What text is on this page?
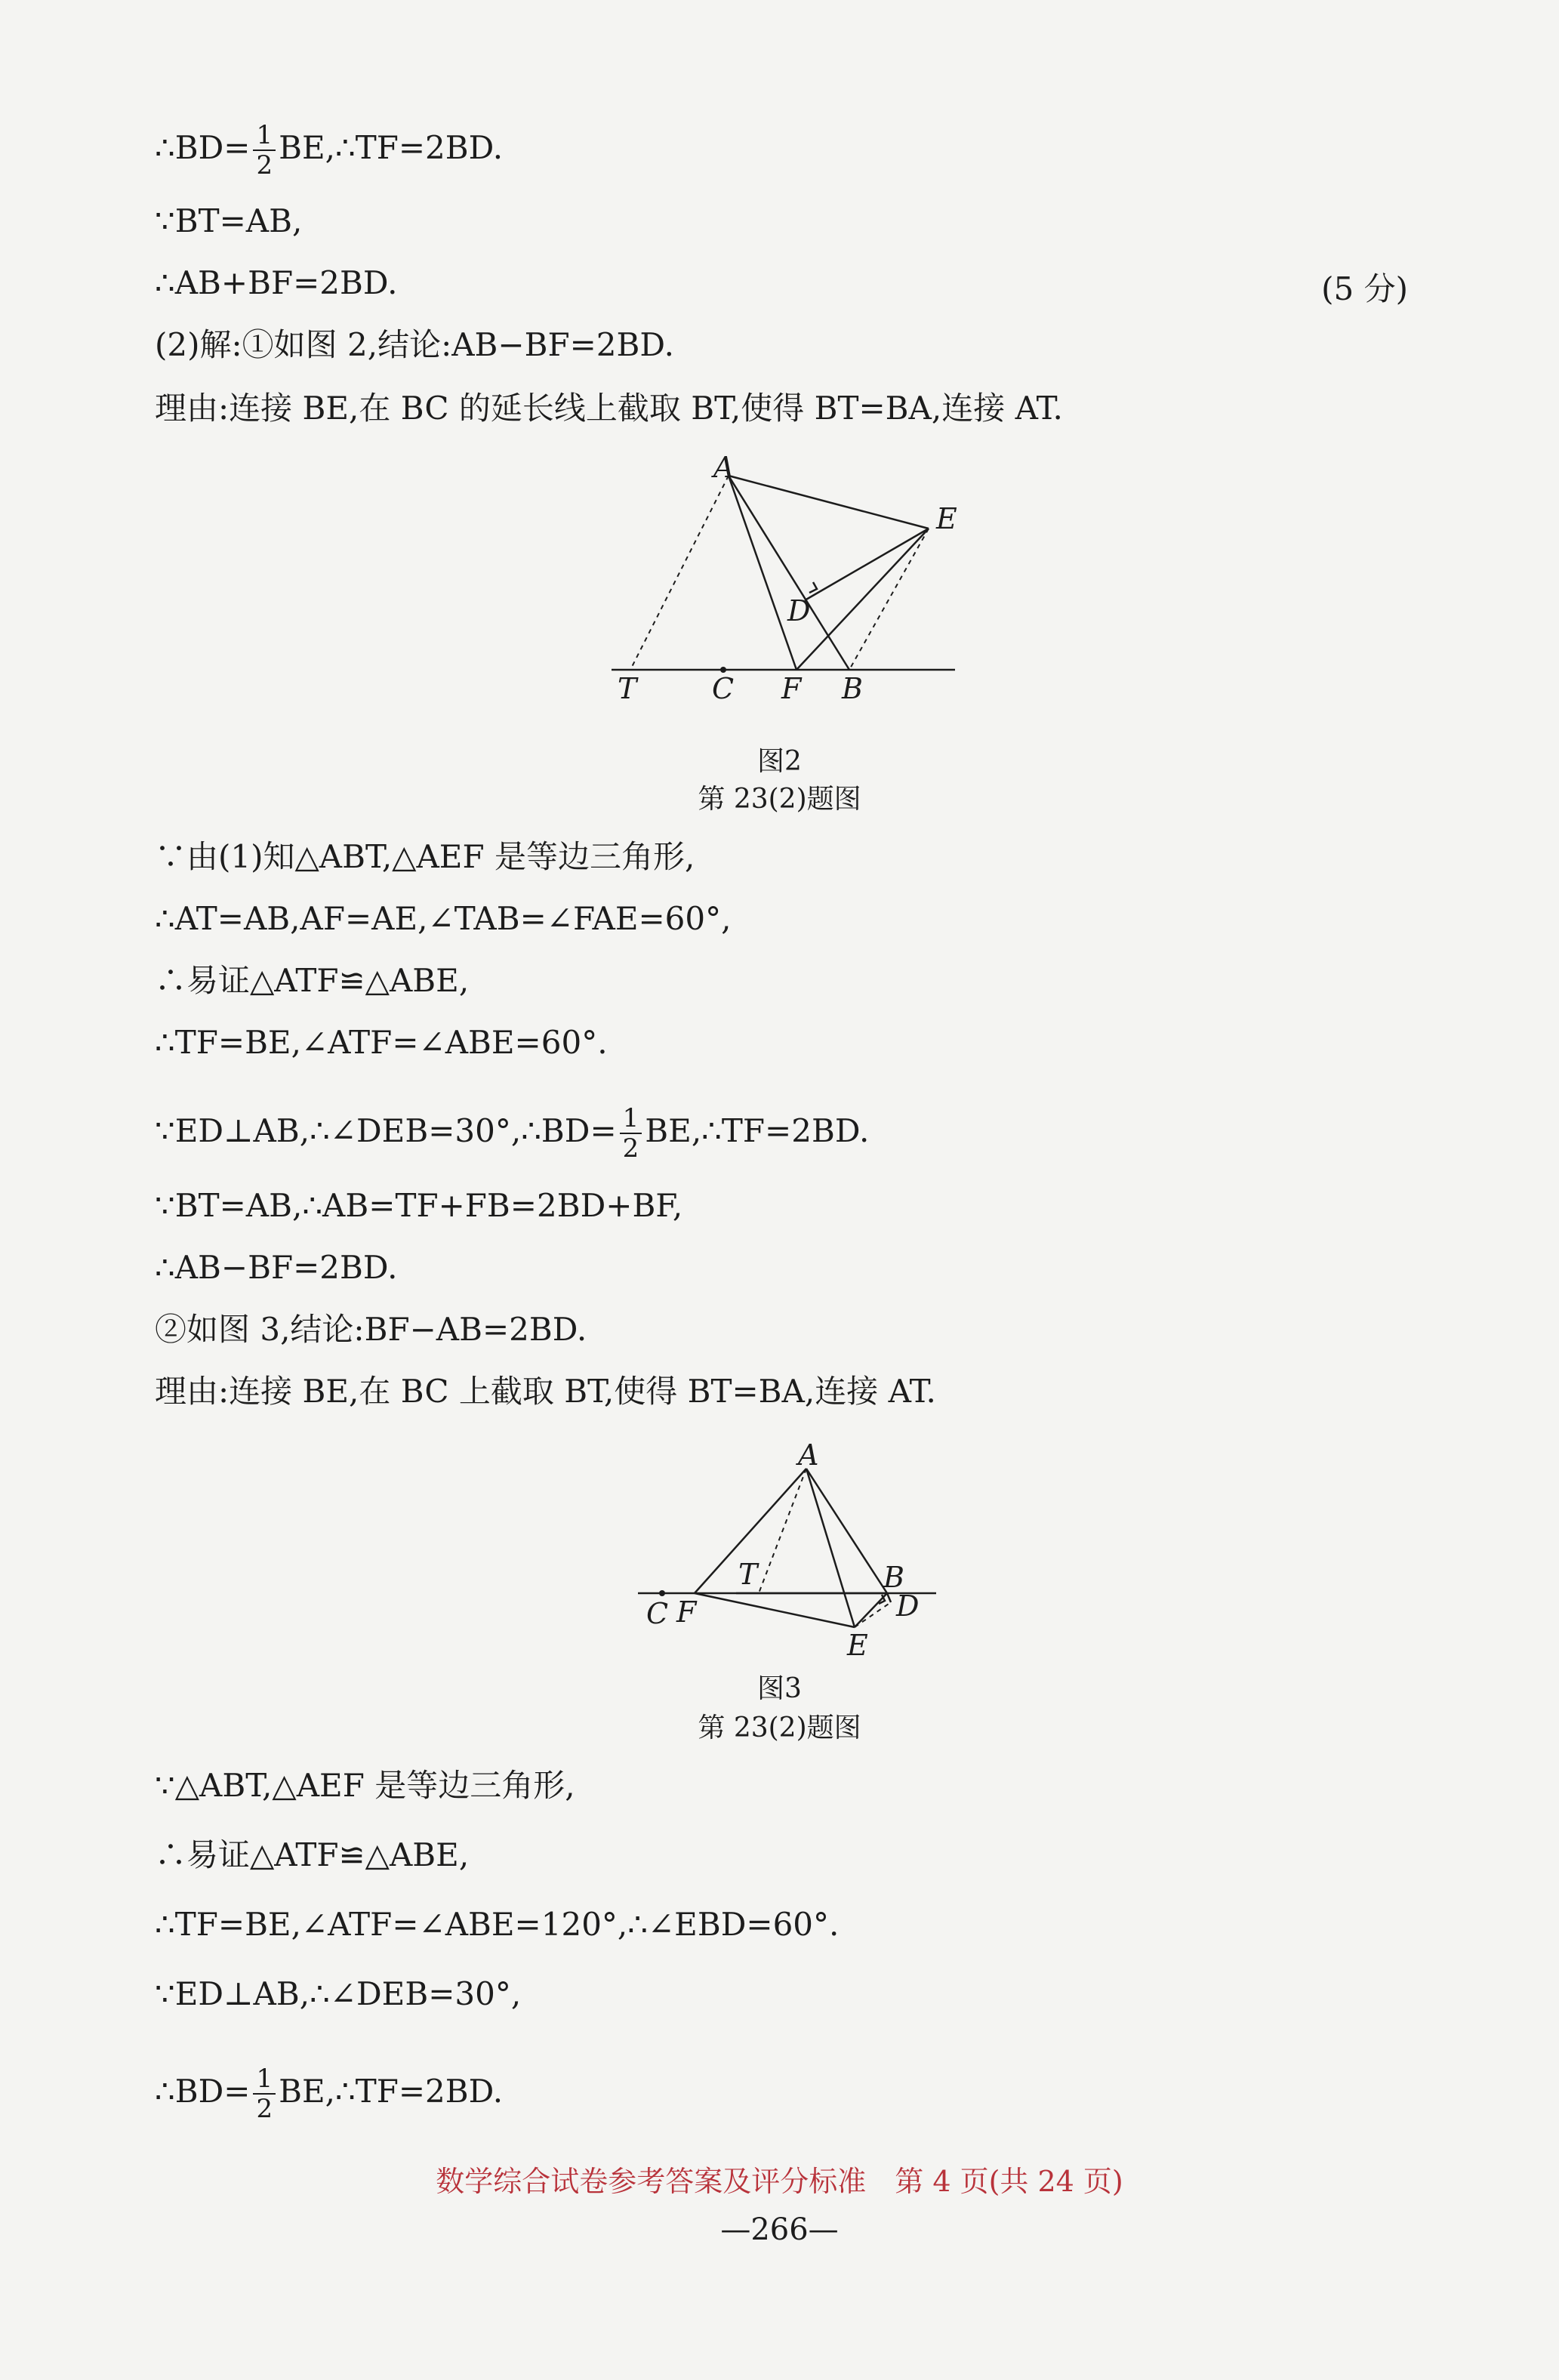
∴BD= $\frac{1}{2}$ BE,∴TF=2BD.
∵BT=AB,
∴AB+BF=2BD.	(5 分)
(2)解:①如图 2,结论:AB−BF=2BD.
理由:连接 BE,在 BC 的延长线上截取 BT,使得 BT=BA,连接 AT.
A
E
D
T	C F B
图2
第 23(2)题图
∵由(1)知△ABT,△AEF 是等边三角形,
∴AT=AB,AF=AE,∠TAB=∠FAE=60°,
∴易证△ATF≌△ABE,
∴TF=BE,∠ATF=∠ABE=60°.
∵ED⊥AB,∴∠DEB=30°,∴BD= $\frac{1}{2}$ BE,∴TF=2BD.
∵BT=AB,∴AB=TF+FB=2BD+BF,
∴AB−BF=2BD.
②如图 3,结论:BF−AB=2BD.
理由:连接 BE,在 BC 上截取 BT,使得 BT=BA,连接 AT.
A
T	B
D
C F
E
图3
第 23(2)题图
∵△ABT,△AEF 是等边三角形,
∴易证△ATF≌△ABE,
∴TF=BE,∠ATF=∠ABE=120°,∴∠EBD=60°.
∵ED⊥AB,∴∠DEB=30°,
∴BD= $\frac{1}{2}$ BE,∴TF=2BD.
数学综合试卷参考答案及评分标准　第 4 页(共 24 页)
—266—
